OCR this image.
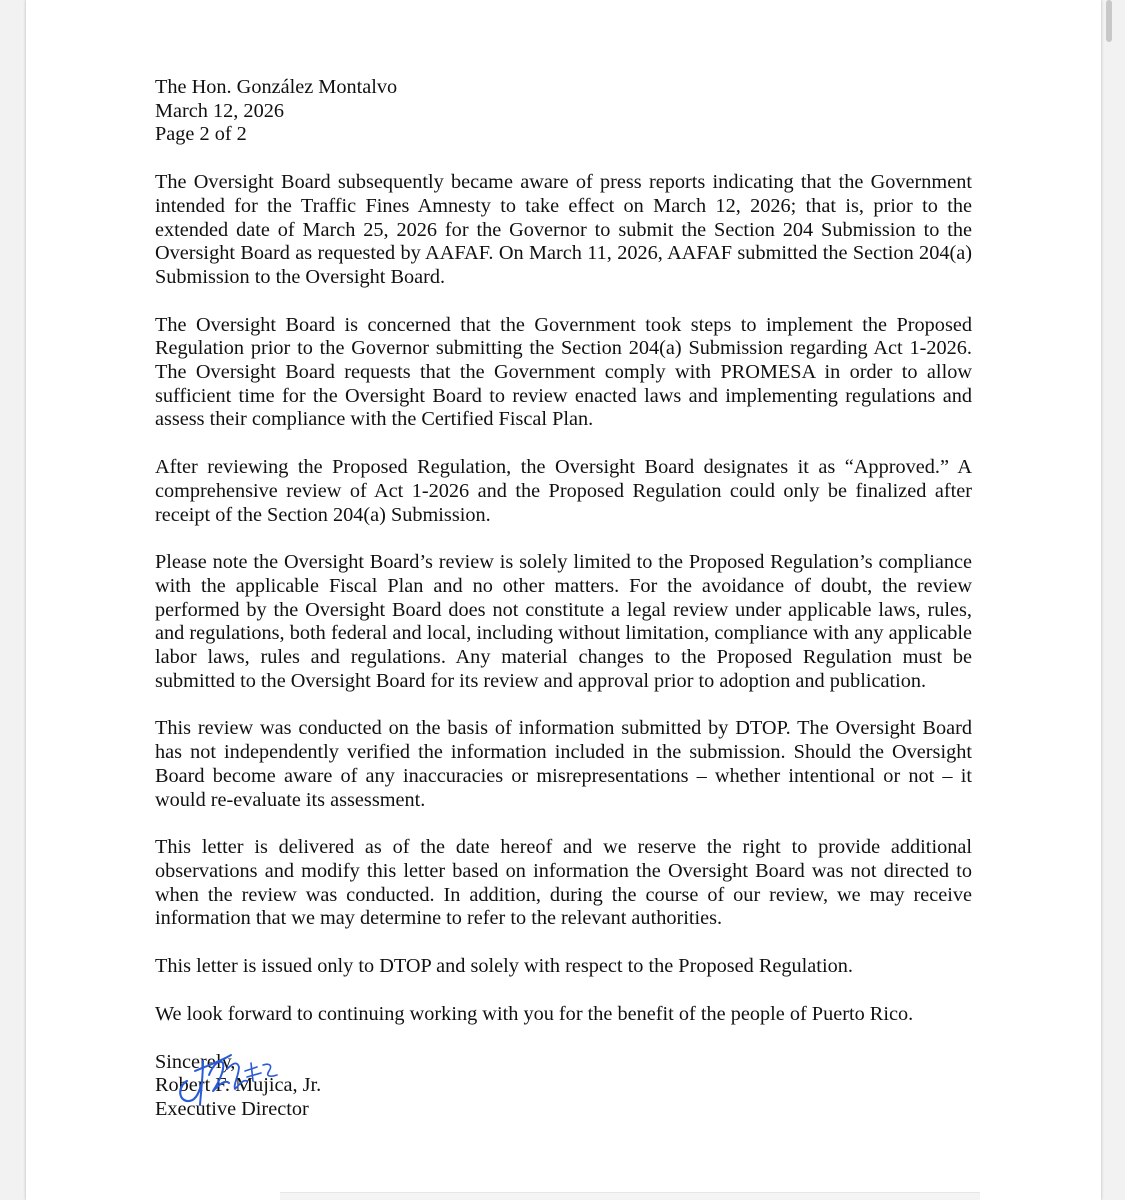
The Hon. González Montalvo
March 12, 2026
Page 2 of 2

The Oversight Board subsequently became aware of press reports indicating that the Government intended for the Traffic Fines Amnesty to take effect on March 12, 2026; that is, prior to the extended date of March 25, 2026 for the Governor to submit the Section 204 Submission to the Oversight Board as requested by AAFAF. On March 11, 2026, AAFAF submitted the Section 204(a) Submission to the Oversight Board.

The Oversight Board is concerned that the Government took steps to implement the Proposed Regulation prior to the Governor submitting the Section 204(a) Submission regarding Act 1-2026. The Oversight Board requests that the Government comply with PROMESA in order to allow sufficient time for the Oversight Board to review enacted laws and implementing regulations and assess their compliance with the Certified Fiscal Plan.

After reviewing the Proposed Regulation, the Oversight Board designates it as “Approved.” A comprehensive review of Act 1-2026 and the Proposed Regulation could only be finalized after receipt of the Section 204(a) Submission.

Please note the Oversight Board’s review is solely limited to the Proposed Regulation’s compliance with the applicable Fiscal Plan and no other matters. For the avoidance of doubt, the review performed by the Oversight Board does not constitute a legal review under applicable laws, rules, and regulations, both federal and local, including without limitation, compliance with any applicable labor laws, rules and regulations. Any material changes to the Proposed Regulation must be submitted to the Oversight Board for its review and approval prior to adoption and publication.

This review was conducted on the basis of information submitted by DTOP. The Oversight Board has not independently verified the information included in the submission. Should the Oversight Board become aware of any inaccuracies or misrepresentations – whether intentional or not – it would re-evaluate its assessment.

This letter is delivered as of the date hereof and we reserve the right to provide additional observations and modify this letter based on information the Oversight Board was not directed to when the review was conducted. In addition, during the course of our review, we may receive information that we may determine to refer to the relevant authorities.

This letter is issued only to DTOP and solely with respect to the Proposed Regulation.

We look forward to continuing working with you for the benefit of the people of Puerto Rico.

Sincerely,
Robert F. Mujica, Jr.
Executive Director
